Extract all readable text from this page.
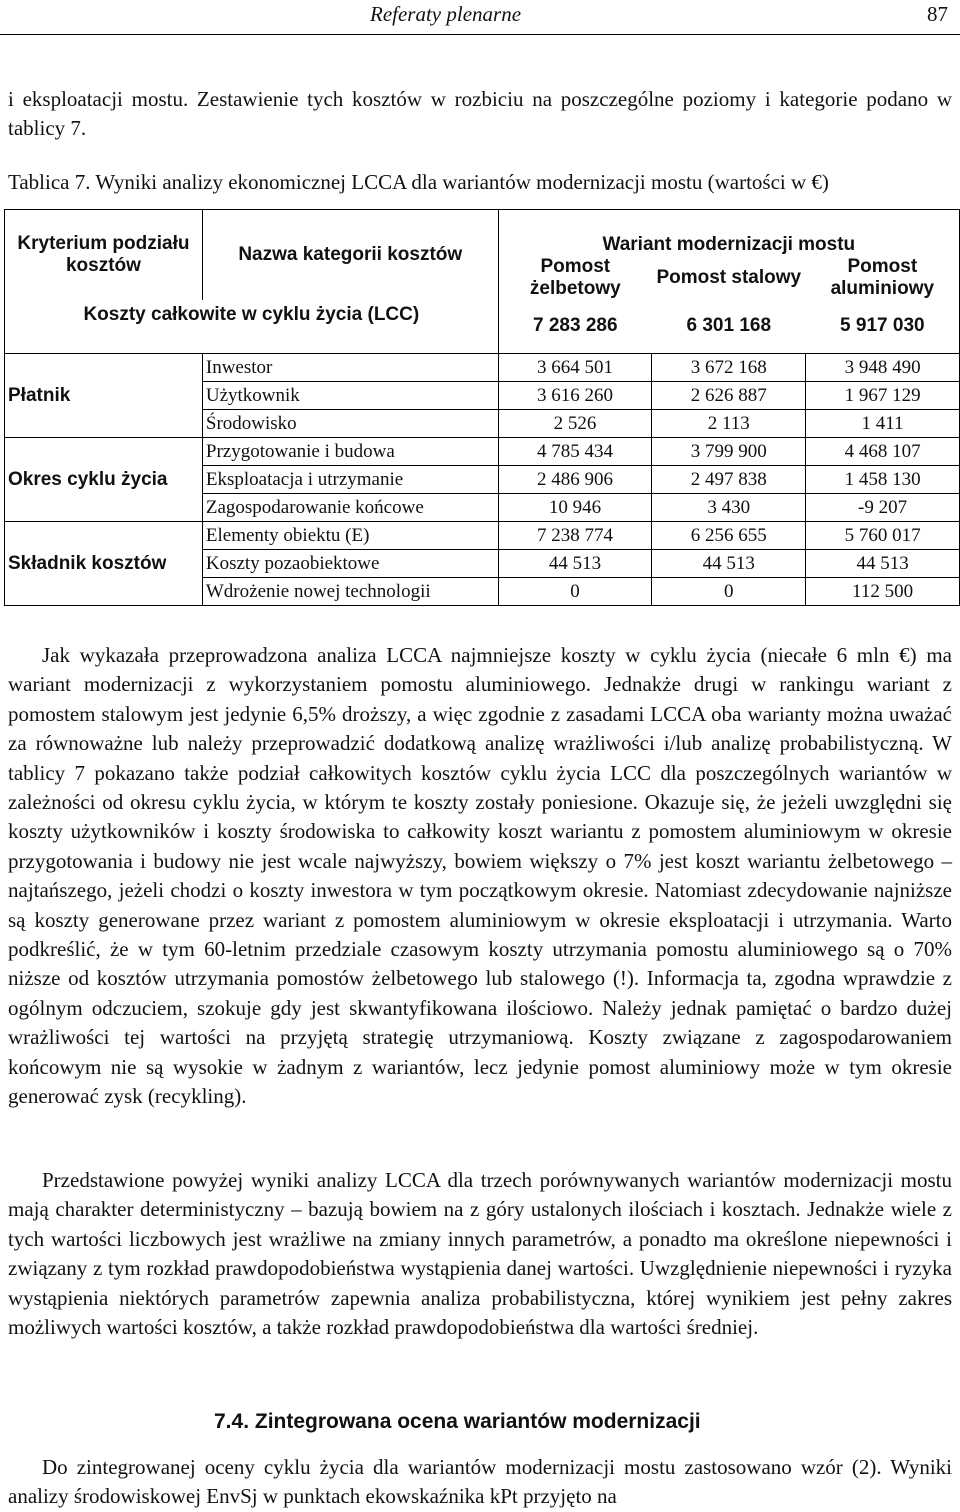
Referaty plenarne	87
i eksploatacji mostu. Zestawienie tych kosztów w rozbiciu na poszczególne poziomy i kategorie podano w tablicy 7.
Tablica 7. Wyniki analizy ekonomicznej LCCA dla wariantów modernizacji mostu (wartości w €)
Kryterium podziału kosztów	Nazwa kategorii kosztów	Wariant modernizacji mostu		
		Pomost żelbetowy	Pomost stalowy	Pomost aluminiowy
Koszty całkowite w cyklu życia (LCC)		7 283 286	6 301 168	5 917 030
Płatnik	Inwestor	3 664 501	3 672 168	3 948 490
	Użytkownik	3 616 260	2 626 887	1 967 129
	Środowisko	2 526	2 113	1 411
Okres cyklu życia	Przygotowanie i budowa	4 785 434	3 799 900	4 468 107
	Eksploatacja i utrzymanie	2 486 906	2 497 838	1 458 130
	Zagospodarowanie końcowe	10 946	3 430	-9 207
Składnik kosztów	Elementy obiektu (E)	7 238 774	6 256 655	5 760 017
	Koszty pozaobiektowe	44 513	44 513	44 513
	Wdrożenie nowej technologii	0	0	112 500
Jak wykazała przeprowadzona analiza LCCA najmniejsze koszty w cyklu życia (niecałe 6 mln €) ma wariant modernizacji z wykorzystaniem pomostu aluminiowego. Jednakże drugi w rankingu wariant z pomostem stalowym jest jedynie 6,5% droższy, a więc zgodnie z zasadami LCCA oba warianty można uważać za równoważne lub należy przeprowadzić dodatkową analizę wrażliwości i/lub analizę probabilistyczną. W tablicy 7 pokazano także podział całkowitych kosztów cyklu życia LCC dla poszczególnych wariantów w zależności od okresu cyklu życia, w którym te koszty zostały poniesione. Okazuje się, że jeżeli uwzględni się koszty użytkowników i koszty środowiska to całkowity koszt wariantu z pomostem aluminiowym w okresie przygotowania i budowy nie jest wcale najwyższy, bowiem większy o 7% jest koszt wariantu żelbetowego – najtańszego, jeżeli chodzi o koszty inwestora w tym początkowym okresie. Natomiast zdecydowanie najniższe są koszty generowane przez wariant z pomostem aluminiowym w okresie eksploatacji i utrzymania. Warto podkreślić, że w tym 60-letnim przedziale czasowym koszty utrzymania pomostu aluminiowego są o 70% niższe od kosztów utrzymania pomostów żelbetowego lub stalowego (!). Informacja ta, zgodna wprawdzie z ogólnym odczuciem, szokuje gdy jest skwantyfikowana ilościowo. Należy jednak pamiętać o bardzo dużej wrażliwości tej wartości na przyjętą strategię utrzymaniową. Koszty związane z zagospodarowaniem końcowym nie są wysokie w żadnym z wariantów, lecz jedynie pomost aluminiowy może w tym okresie generować zysk (recykling).
Przedstawione powyżej wyniki analizy LCCA dla trzech porównywanych wariantów modernizacji mostu mają charakter deterministyczny – bazują bowiem na z góry ustalonych ilościach i kosztach. Jednakże wiele z tych wartości liczbowych jest wrażliwe na zmiany innych parametrów, a ponadto ma określone niepewności i związany z tym rozkład prawdopodobieństwa wystąpienia danej wartości. Uwzględnienie niepewności i ryzyka wystąpienia niektórych parametrów zapewnia analiza probabilistyczna, której wynikiem jest pełny zakres możliwych wartości kosztów, a także rozkład prawdopodobieństwa dla wartości średniej.
7.4. Zintegrowana ocena wariantów modernizacji
Do zintegrowanej oceny cyklu życia dla wariantów modernizacji mostu zastosowano wzór (2). Wyniki analizy środowiskowej EnvSj w punktach ekowskaźnika kPt przyjęto na
